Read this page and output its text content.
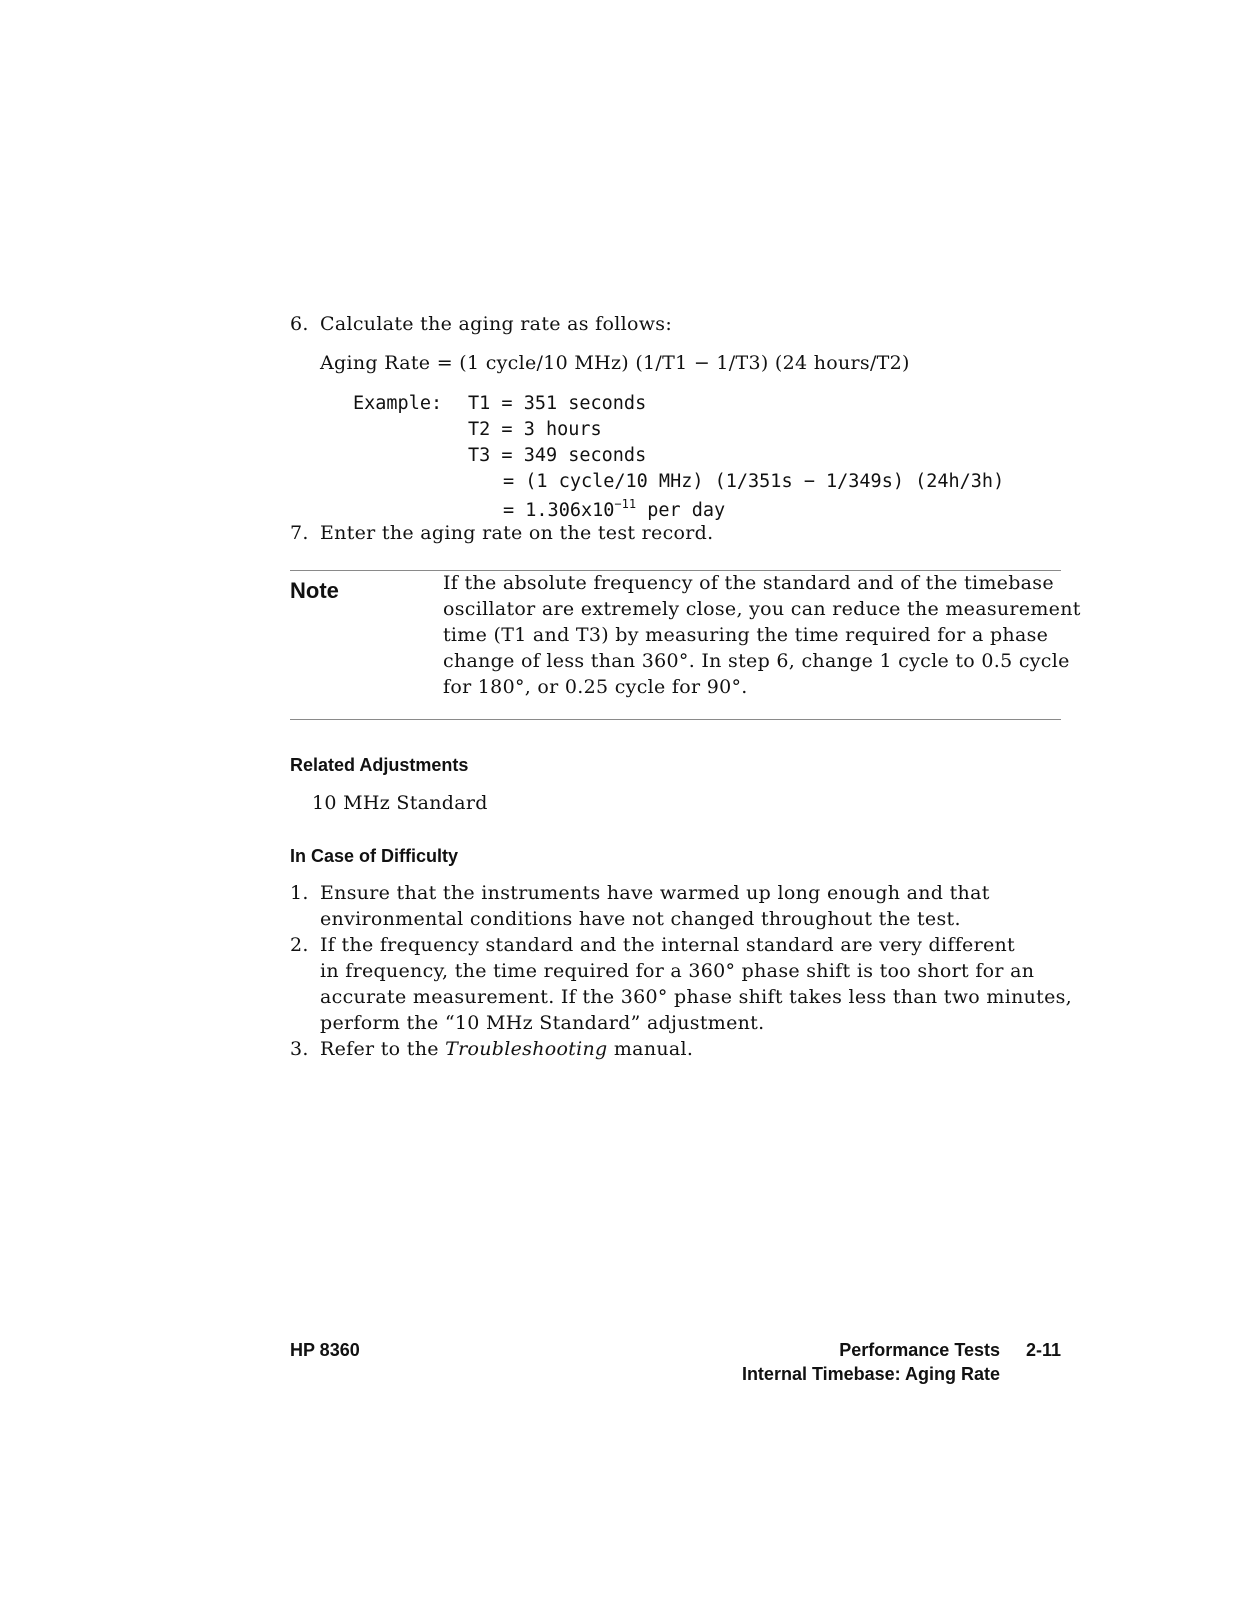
6. Calculate the aging rate as follows:
Aging Rate = (1 cycle/10 MHz) (1/T1 − 1/T3) (24 hours/T2)
Example: T1 = 351 seconds
T2 = 3 hours
T3 = 349 seconds
= (1 cycle/10 MHz) (1/351s − 1/349s) (24h/3h)
= $1.306x10^{-11}$ per day
7. Enter the aging rate on the test record.
Note	If the absolute frequency of the standard and of the timebase
oscillator are extremely close, you can reduce the measurement
time (T1 and T3) by measuring the time required for a phase
change of less than 360°. In step 6, change 1 cycle to 0.5 cycle
for 180°, or 0.25 cycle for 90°.
Related Adjustments
10 MHz Standard
In Case of Difficulty
1. Ensure that the instruments have warmed up long enough and that
environmental conditions have not changed throughout the test.
2. If the frequency standard and the internal standard are very different
in frequency, the time required for a 360° phase shift is too short for an
accurate measurement. If the 360° phase shift takes less than two minutes,
perform the “10 MHz Standard” adjustment.
3. Refer to the Troubleshooting manual.
HP 8360	Performance Tests	2-11
Internal Timebase: Aging Rate
